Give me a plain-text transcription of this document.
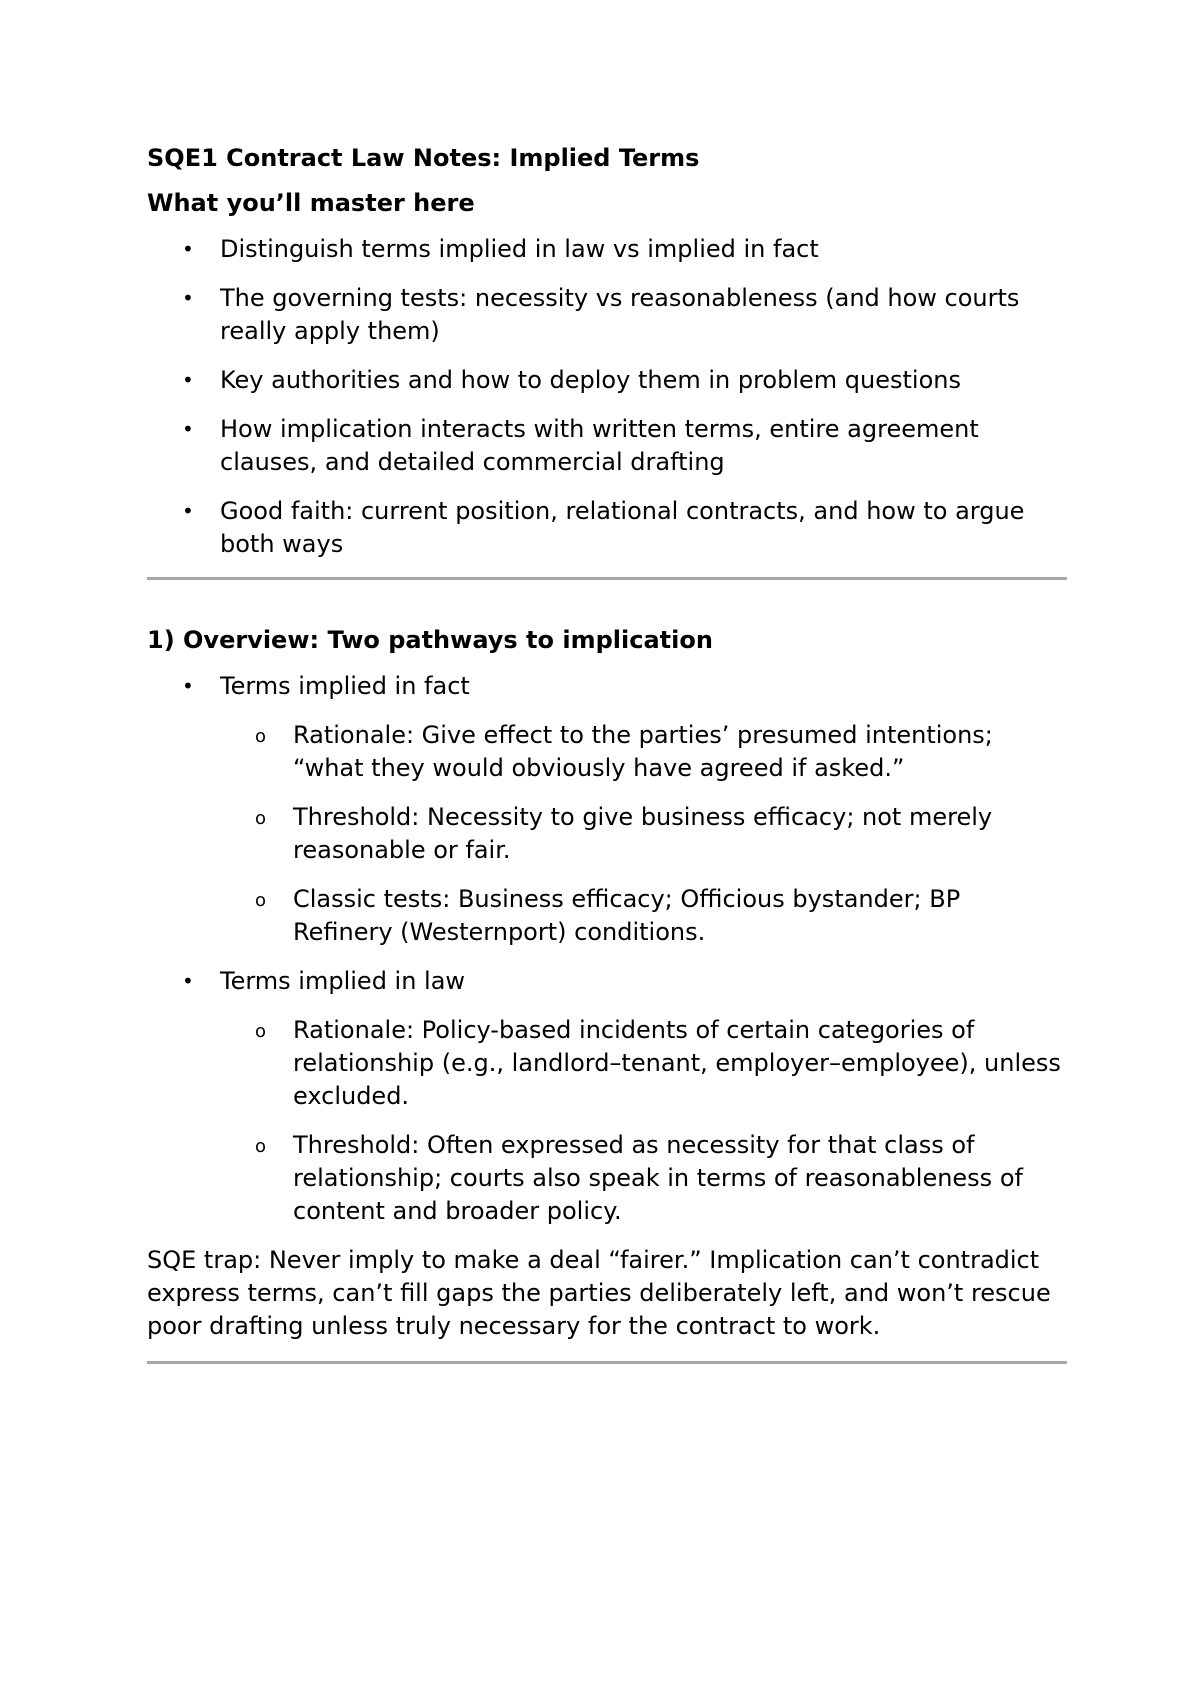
SQE1 Contract Law Notes: Implied Terms
What you’ll master here
• Distinguish terms implied in law vs implied in fact
• The governing tests: necessity vs reasonableness (and how courts really apply them)
• Key authorities and how to deploy them in problem questions
• How implication interacts with written terms, entire agreement clauses, and detailed commercial drafting
• Good faith: current position, relational contracts, and how to argue both ways
1) Overview: Two pathways to implication
• Terms implied in fact
o Rationale: Give effect to the parties’ presumed intentions; “what they would obviously have agreed if asked.”
o Threshold: Necessity to give business efficacy; not merely reasonable or fair.
o Classic tests: Business efficacy; Officious bystander; BP Refinery (Westernport) conditions.
• Terms implied in law
o Rationale: Policy-based incidents of certain categories of relationship (e.g., landlord–tenant, employer–employee), unless excluded.
o Threshold: Often expressed as necessity for that class of relationship; courts also speak in terms of reasonableness of content and broader policy.
SQE trap: Never imply to make a deal “fairer.” Implication can’t contradict express terms, can’t fill gaps the parties deliberately left, and won’t rescue poor drafting unless truly necessary for the contract to work.
